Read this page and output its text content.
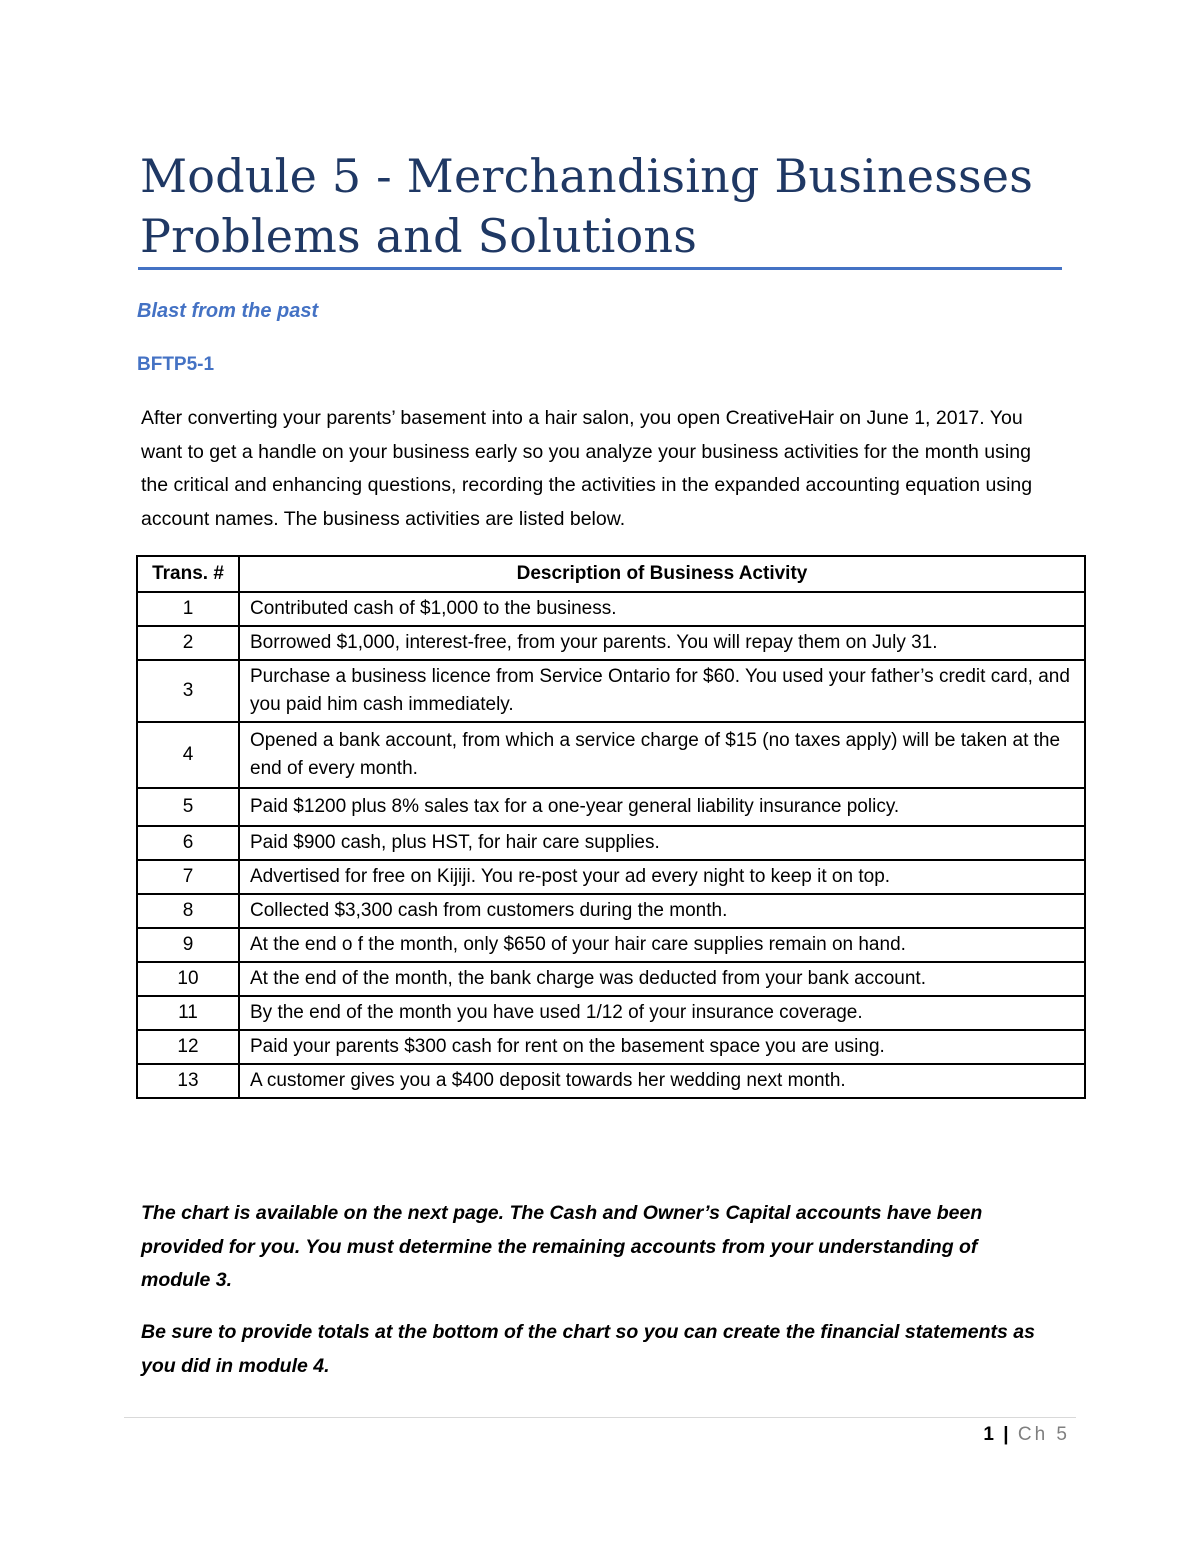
Module 5 - Merchandising Businesses
Problems and Solutions
Blast from the past
BFTP5-1
After converting your parents’ basement into a hair salon, you open CreativeHair on June 1, 2017. You want to get a handle on your business early so you analyze your business activities for the month using the critical and enhancing questions, recording the activities in the expanded accounting equation using account names. The business activities are listed below.
Trans. #	Description of Business Activity
1	Contributed cash of $1,000 to the business.
2	Borrowed $1,000, interest-free, from your parents. You will repay them on July 31.
3	Purchase a business licence from Service Ontario for $60. You used your father’s credit card, and you paid him cash immediately.
4	Opened a bank account, from which a service charge of $15 (no taxes apply) will be taken at the end of every month.
5	Paid $1200 plus 8% sales tax for a one-year general liability insurance policy.
6	Paid $900 cash, plus HST, for hair care supplies.
7	Advertised for free on Kijiji. You re-post your ad every night to keep it on top.
8	Collected $3,300 cash from customers during the month.
9	At the end o f the month, only $650 of your hair care supplies remain on hand.
10	At the end of the month, the bank charge was deducted from your bank account.
11	By the end of the month you have used 1/12 of your insurance coverage.
12	Paid your parents $300 cash for rent on the basement space you are using.
13	A customer gives you a $400 deposit towards her wedding next month.
The chart is available on the next page. The Cash and Owner’s Capital accounts have been provided for you. You must determine the remaining accounts from your understanding of module 3.
Be sure to provide totals at the bottom of the chart so you can create the financial statements as you did in module 4.
1 | Ch 5
